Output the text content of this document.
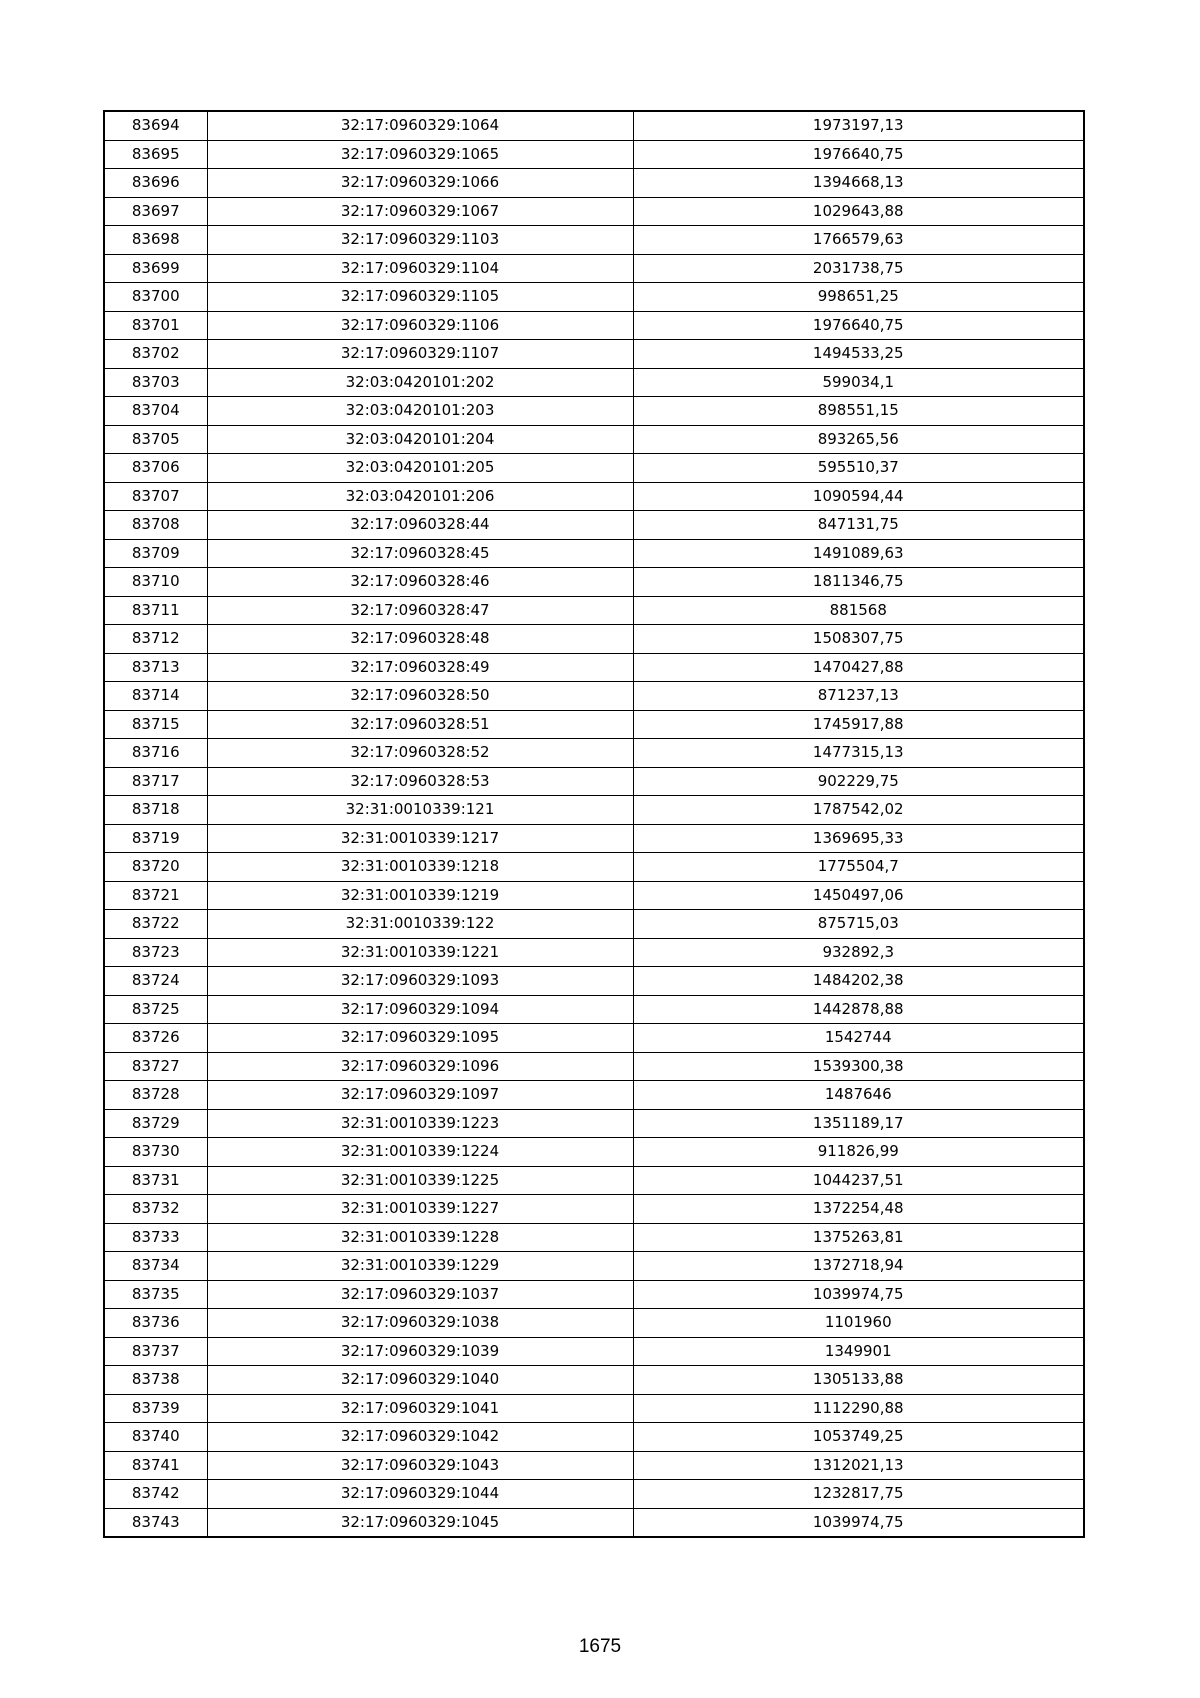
83694	32:17:0960329:1064	1973197,13
83695	32:17:0960329:1065	1976640,75
83696	32:17:0960329:1066	1394668,13
83697	32:17:0960329:1067	1029643,88
83698	32:17:0960329:1103	1766579,63
83699	32:17:0960329:1104	2031738,75
83700	32:17:0960329:1105	998651,25
83701	32:17:0960329:1106	1976640,75
83702	32:17:0960329:1107	1494533,25
83703	32:03:0420101:202	599034,1
83704	32:03:0420101:203	898551,15
83705	32:03:0420101:204	893265,56
83706	32:03:0420101:205	595510,37
83707	32:03:0420101:206	1090594,44
83708	32:17:0960328:44	847131,75
83709	32:17:0960328:45	1491089,63
83710	32:17:0960328:46	1811346,75
83711	32:17:0960328:47	881568
83712	32:17:0960328:48	1508307,75
83713	32:17:0960328:49	1470427,88
83714	32:17:0960328:50	871237,13
83715	32:17:0960328:51	1745917,88
83716	32:17:0960328:52	1477315,13
83717	32:17:0960328:53	902229,75
83718	32:31:0010339:121	1787542,02
83719	32:31:0010339:1217	1369695,33
83720	32:31:0010339:1218	1775504,7
83721	32:31:0010339:1219	1450497,06
83722	32:31:0010339:122	875715,03
83723	32:31:0010339:1221	932892,3
83724	32:17:0960329:1093	1484202,38
83725	32:17:0960329:1094	1442878,88
83726	32:17:0960329:1095	1542744
83727	32:17:0960329:1096	1539300,38
83728	32:17:0960329:1097	1487646
83729	32:31:0010339:1223	1351189,17
83730	32:31:0010339:1224	911826,99
83731	32:31:0010339:1225	1044237,51
83732	32:31:0010339:1227	1372254,48
83733	32:31:0010339:1228	1375263,81
83734	32:31:0010339:1229	1372718,94
83735	32:17:0960329:1037	1039974,75
83736	32:17:0960329:1038	1101960
83737	32:17:0960329:1039	1349901
83738	32:17:0960329:1040	1305133,88
83739	32:17:0960329:1041	1112290,88
83740	32:17:0960329:1042	1053749,25
83741	32:17:0960329:1043	1312021,13
83742	32:17:0960329:1044	1232817,75
83743	32:17:0960329:1045	1039974,75
1675
